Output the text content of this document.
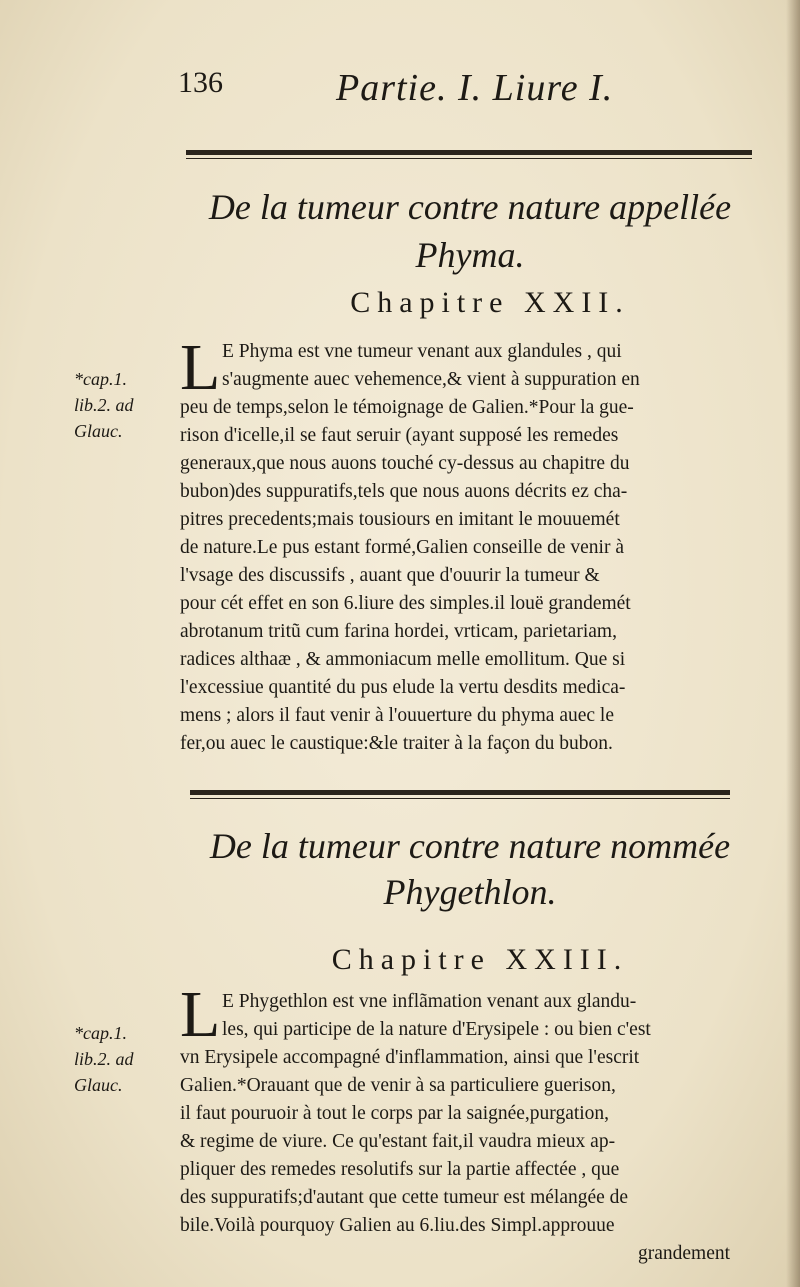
136	Partie. I. Liure I.
De la tumeur contre nature appellée
Phyma.
Chapitre XXII.
L
*cap.1.
lib.2. ad
Glauc.
E Phyma est vne tumeur venant aux glandules , qui
s'augmente auec vehemence,& vient à suppuration en
peu de temps,selon le témoignage de Galien.*Pour la gue-
rison d'icelle,il se faut seruir (ayant supposé les remedes
generaux,que nous auons touché cy-dessus au chapitre du
bubon)des suppuratifs,tels que nous auons décrits ez cha-
pitres precedents;mais tousiours en imitant le mouuemét
de nature.Le pus estant formé,Galien conseille de venir à
l'vsage des discussifs , auant que d'ouurir la tumeur &
pour cét effet en son 6.liure des simples.il louë grandemét
abrotanum tritũ cum farina hordei, vrticam, parietariam,
radices althaæ , & ammoniacum melle emollitum. Que si
l'excessiue quantité du pus elude la vertu desdits medica-
mens ; alors il faut venir à l'ouuerture du phyma auec le
fer,ou auec le caustique:&le traiter à la façon du bubon.
De la tumeur contre nature nommée
Phygethlon.
Chapitre XXIII.
L
*cap.1.
lib.2. ad
Glauc.
E Phygethlon est vne inflãmation venant aux glandu-
les, qui participe de la nature d'Erysipele : ou bien c'est
vn Erysipele accompagné d'inflammation, ainsi que l'escrit
Galien.*Orauant que de venir à sa particuliere guerison,
il faut pouruoir à tout le corps par la saignée,purgation,
& regime de viure. Ce qu'estant fait,il vaudra mieux ap-
pliquer des remedes resolutifs sur la partie affectée , que
des suppuratifs;d'autant que cette tumeur est mélangée de
bile.Voilà pourquoy Galien au 6.liu.des Simpl.approuue
grandement
